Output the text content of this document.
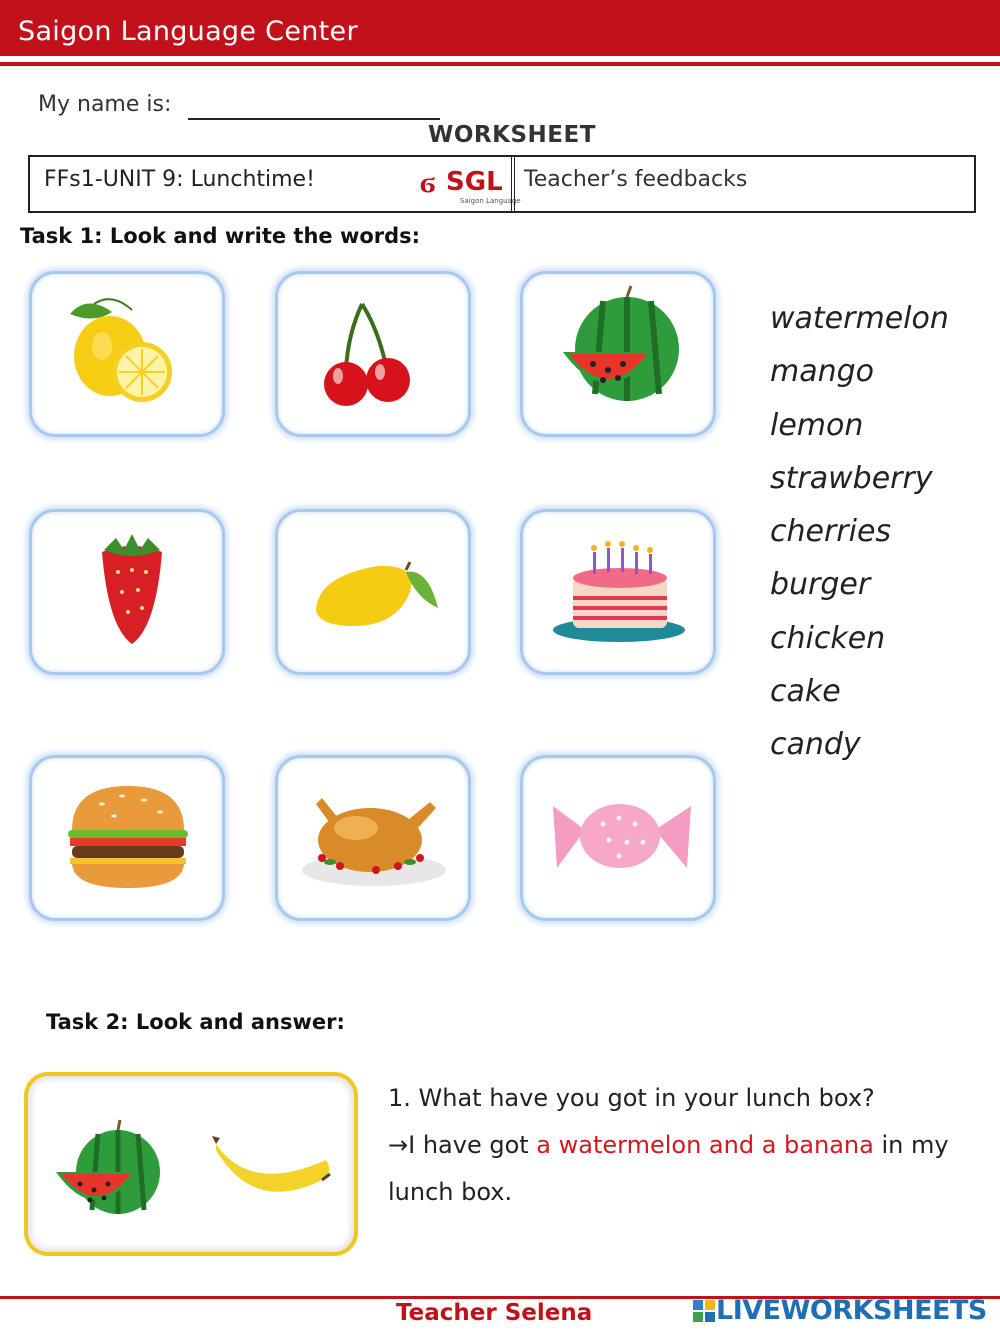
Saigon Language Center
My name is:
WORKSHEET
FFs1-UNIT 9: Lunchtime!	ϭ SGL
Saigon Language
Teacher’s feedbacks
Task 1: Look and write the words:
watermelon
mango
lemon
strawberry
cherries
burger
chicken
cake
candy
Task 2: Look and answer:
1. What have you got in your lunch box?
→I have got a watermelon and a banana in my
lunch box.
Teacher Selena	LIVEWORKSHEETS
